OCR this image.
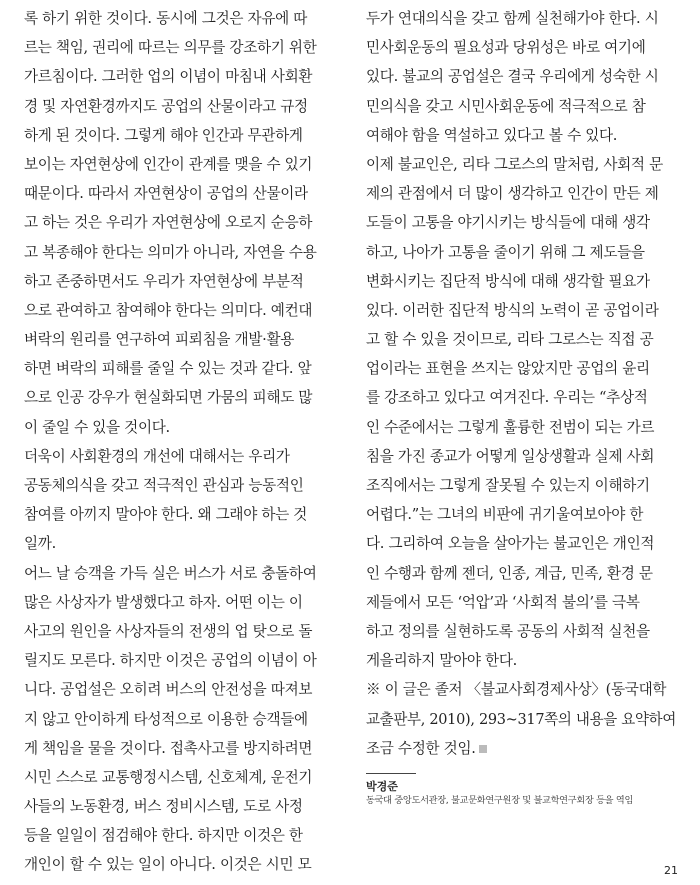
록 하기 위한 것이다. 동시에 그것은 자유에 따
르는 책임, 권리에 따르는 의무를 강조하기 위한
가르침이다. 그러한 업의 이념이 마침내 사회환
경 및 자연환경까지도 공업의 산물이라고 규정
하게 된 것이다. 그렇게 해야 인간과 무관하게
보이는 자연현상에 인간이 관계를 맺을 수 있기
때문이다. 따라서 자연현상이 공업의 산물이라
고 하는 것은 우리가 자연현상에 오로지 순응하
고 복종해야 한다는 의미가 아니라, 자연을 수용
하고 존중하면서도 우리가 자연현상에 부분적
으로 관여하고 참여해야 한다는 의미다. 예컨대
벼락의 원리를 연구하여 피뢰침을 개발·활용
하면 벼락의 피해를 줄일 수 있는 것과 같다. 앞
으로 인공 강우가 현실화되면 가뭄의 피해도 많
이 줄일 수 있을 것이다.
더욱이 사회환경의 개선에 대해서는 우리가
공동체의식을 갖고 적극적인 관심과 능동적인
참여를 아끼지 말아야 한다. 왜 그래야 하는 것
일까.
어느 날 승객을 가득 실은 버스가 서로 충돌하여
많은 사상자가 발생했다고 하자. 어떤 이는 이
사고의 원인을 사상자들의 전생의 업 탓으로 돌
릴지도 모른다. 하지만 이것은 공업의 이념이 아
니다. 공업설은 오히려 버스의 안전성을 따져보
지 않고 안이하게 타성적으로 이용한 승객들에
게 책임을 물을 것이다. 접촉사고를 방지하려면
시민 스스로 교통행정시스템, 신호체계, 운전기
사들의 노동환경, 버스 정비시스템, 도로 사정
등을 일일이 점검해야 한다. 하지만 이것은 한
개인이 할 수 있는 일이 아니다. 이것은 시민 모
두가 연대의식을 갖고 함께 실천해가야 한다. 시
민사회운동의 필요성과 당위성은 바로 여기에
있다. 불교의 공업설은 결국 우리에게 성숙한 시
민의식을 갖고 시민사회운동에 적극적으로 참
여해야 함을 역설하고 있다고 볼 수 있다.
이제 불교인은, 리타 그로스의 말처럼, 사회적 문
제의 관점에서 더 많이 생각하고 인간이 만든 제
도들이 고통을 야기시키는 방식들에 대해 생각
하고, 나아가 고통을 줄이기 위해 그 제도들을
변화시키는 집단적 방식에 대해 생각할 필요가
있다. 이러한 집단적 방식의 노력이 곧 공업이라
고 할 수 있을 것이므로, 리타 그로스는 직접 공
업이라는 표현을 쓰지는 않았지만 공업의 윤리
를 강조하고 있다고 여겨진다. 우리는 “추상적
인 수준에서는 그렇게 훌륭한 전범이 되는 가르
침을 가진 종교가 어떻게 일상생활과 실제 사회
조직에서는 그렇게 잘못될 수 있는지 이해하기
어렵다.”는 그녀의 비판에 귀기울여보아야 한
다. 그리하여 오늘을 살아가는 불교인은 개인적
인 수행과 함께 젠더, 인종, 계급, 민족, 환경 문
제들에서 모든 ‘억압’과 ‘사회적 불의’를 극복
하고 정의를 실현하도록 공동의 사회적 실천을
게을리하지 말아야 한다.
※ 이 글은 졸저 〈불교사회경제사상〉(동국대학
교출판부, 2010), 293~317쪽의 내용을 요약하여
조금 수정한 것임.
박경준
동국대 중앙도서관장, 불교문화연구원장 및 불교학연구회장 등을 역임
21
